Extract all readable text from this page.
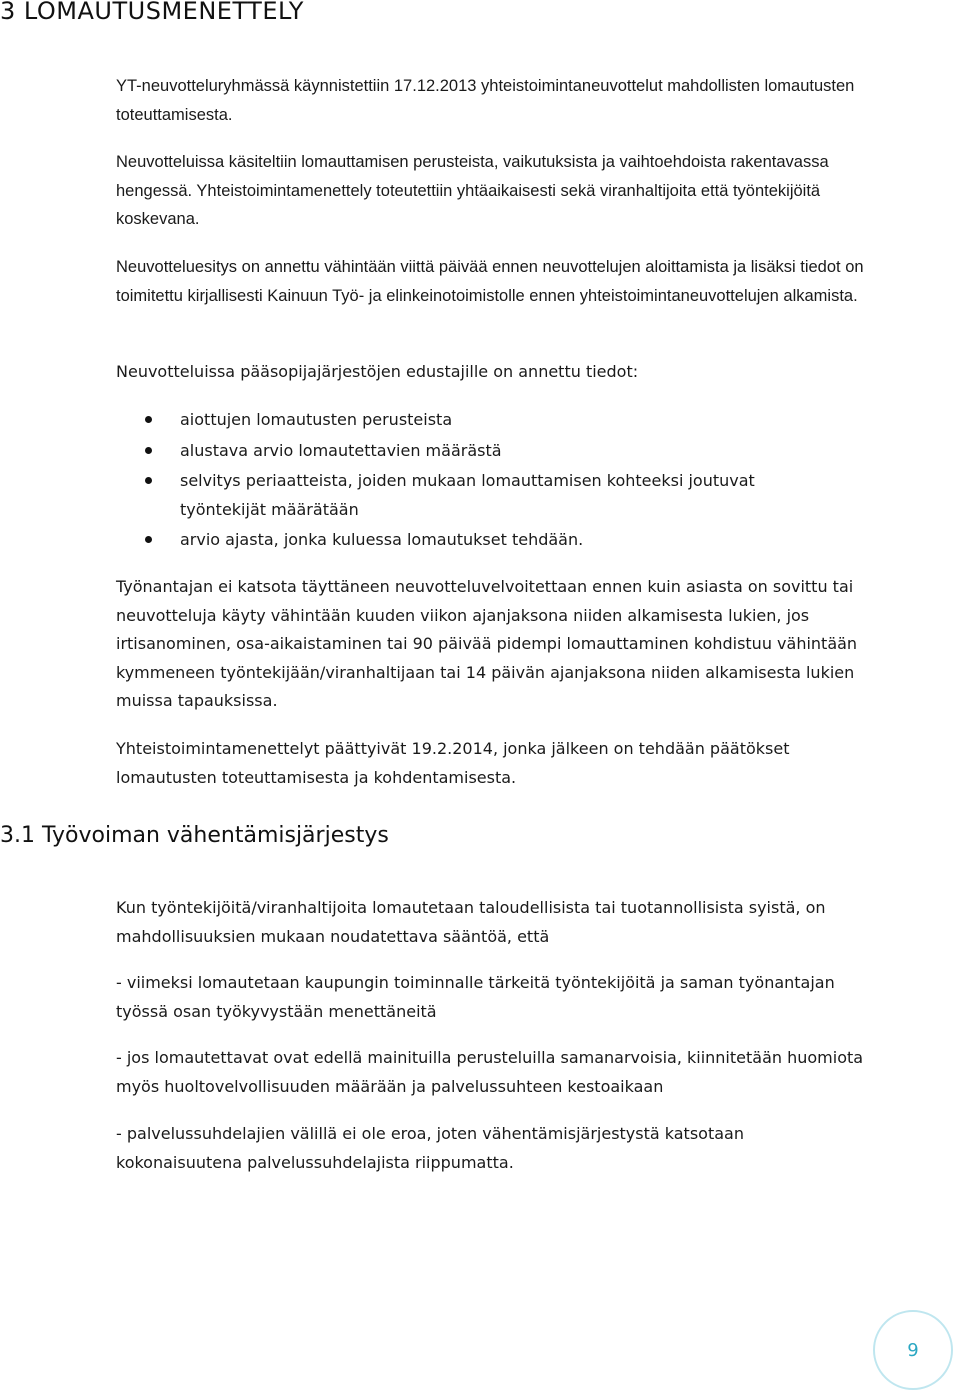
3 LOMAUTUSMENETTELY

YT-neuvotteluryhmässä käynnistettiin 17.12.2013 yhteistoimintaneuvottelut mahdollisten lomautusten toteuttamisesta.

Neuvotteluissa käsiteltiin lomauttamisen perusteista, vaikutuksista ja vaihtoehdoista rakentavassa hengessä. Yhteistoimintamenettely toteutettiin yhtäaikaisesti sekä viranhaltijoita että työntekijöitä koskevana.

Neuvotteluesitys on annettu vähintään viittä päivää ennen neuvottelujen aloittamista ja lisäksi tiedot on toimitettu kirjallisesti Kainuun Työ- ja elinkeinotoimistolle ennen yhteistoimintaneuvottelujen alkamista.

Neuvotteluissa pääsopijajärjestöjen edustajille on annettu tiedot:

aiottujen lomautusten perusteista
alustava arvio lomautettavien määrästä
selvitys periaatteista, joiden mukaan lomauttamisen kohteeksi joutuvat työntekijät määrätään
arvio ajasta, jonka kuluessa lomautukset tehdään.

Työnantajan ei katsota täyttäneen neuvotteluvelvoitettaan ennen kuin asiasta on sovittu tai neuvotteluja käyty vähintään kuuden viikon ajanjaksona niiden alkamisesta lukien, jos irtisanominen, osa-aikaistaminen tai 90 päivää pidempi lomauttaminen kohdistuu vähintään kymmeneen työntekijään/viranhaltijaan tai 14 päivän ajanjaksona niiden alkamisesta lukien muissa tapauksissa.

Yhteistoimintamenettelyt päättyivät 19.2.2014, jonka jälkeen on tehdään päätökset lomautusten toteuttamisesta ja kohdentamisesta.

3.1 Työvoiman vähentämisjärjestys

Kun työntekijöitä/viranhaltijoita lomautetaan taloudellisista tai tuotannollisista syistä, on mahdollisuuksien mukaan noudatettava sääntöä, että

- viimeksi lomautetaan kaupungin toiminnalle tärkeitä työntekijöitä ja saman työnantajan työssä osan työkyvystään menettäneitä

- jos lomautettavat ovat edellä mainituilla perusteluilla samanarvoisia, kiinnitetään huomiota myös huoltovelvollisuuden määrään ja palvelussuhteen kestoaikaan

- palvelussuhdelajien välillä ei ole eroa, joten vähentämisjärjestystä katsotaan kokonaisuutena palvelussuhdelajista riippumatta.

9
